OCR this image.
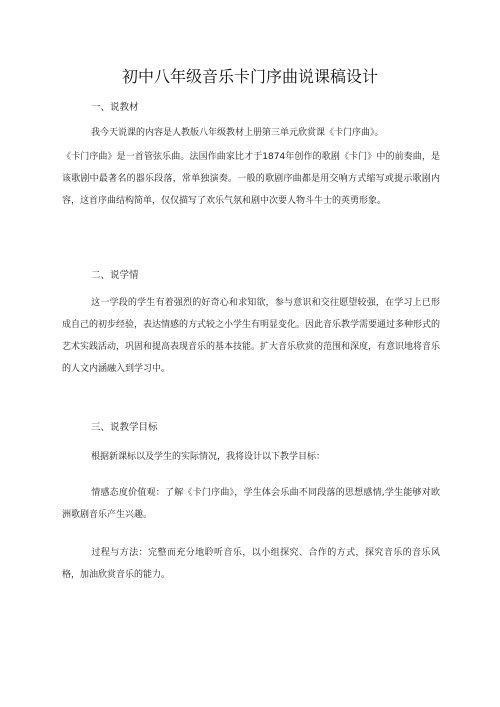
初中八年级音乐卡门序曲说课稿设计
一、说教材
我今天说课的内容是人教版八年级教材上册第三单元欣赏课《卡门序曲》。
《卡门序曲》是一首管弦乐曲。法国作曲家比才于1874年创作的歌剧《卡门》中的前奏曲，是该歌剧中最著名的器乐段落，常单独演奏。一般的歌剧序曲都是用交响方式缩写或提示歌剧内容，这首序曲结构简单，仅仅描写了欢乐气氛和剧中次要人物斗牛士的英勇形象。
二、说学情
这一学段的学生有着强烈的好奇心和求知欲，参与意识和交往愿望较强，在学习上已形成自己的初步经验，表达情感的方式较之小学生有明显变化。因此音乐教学需要通过多种形式的艺术实践活动，巩固和提高表现音乐的基本技能。扩大音乐欣赏的范围和深度，有意识地将音乐的人文内涵融入到学习中。
三、说教学目标
根据新课标以及学生的实际情况，我将设计以下教学目标：
情感态度价值观：了解《卡门序曲》，学生体会乐曲不同段落的思想感情,学生能够对欧洲歌剧音乐产生兴趣。
过程与方法：完整而充分地聆听音乐，以小组探究、合作的方式，探究音乐的音乐风格，加油欣赏音乐的能力。
